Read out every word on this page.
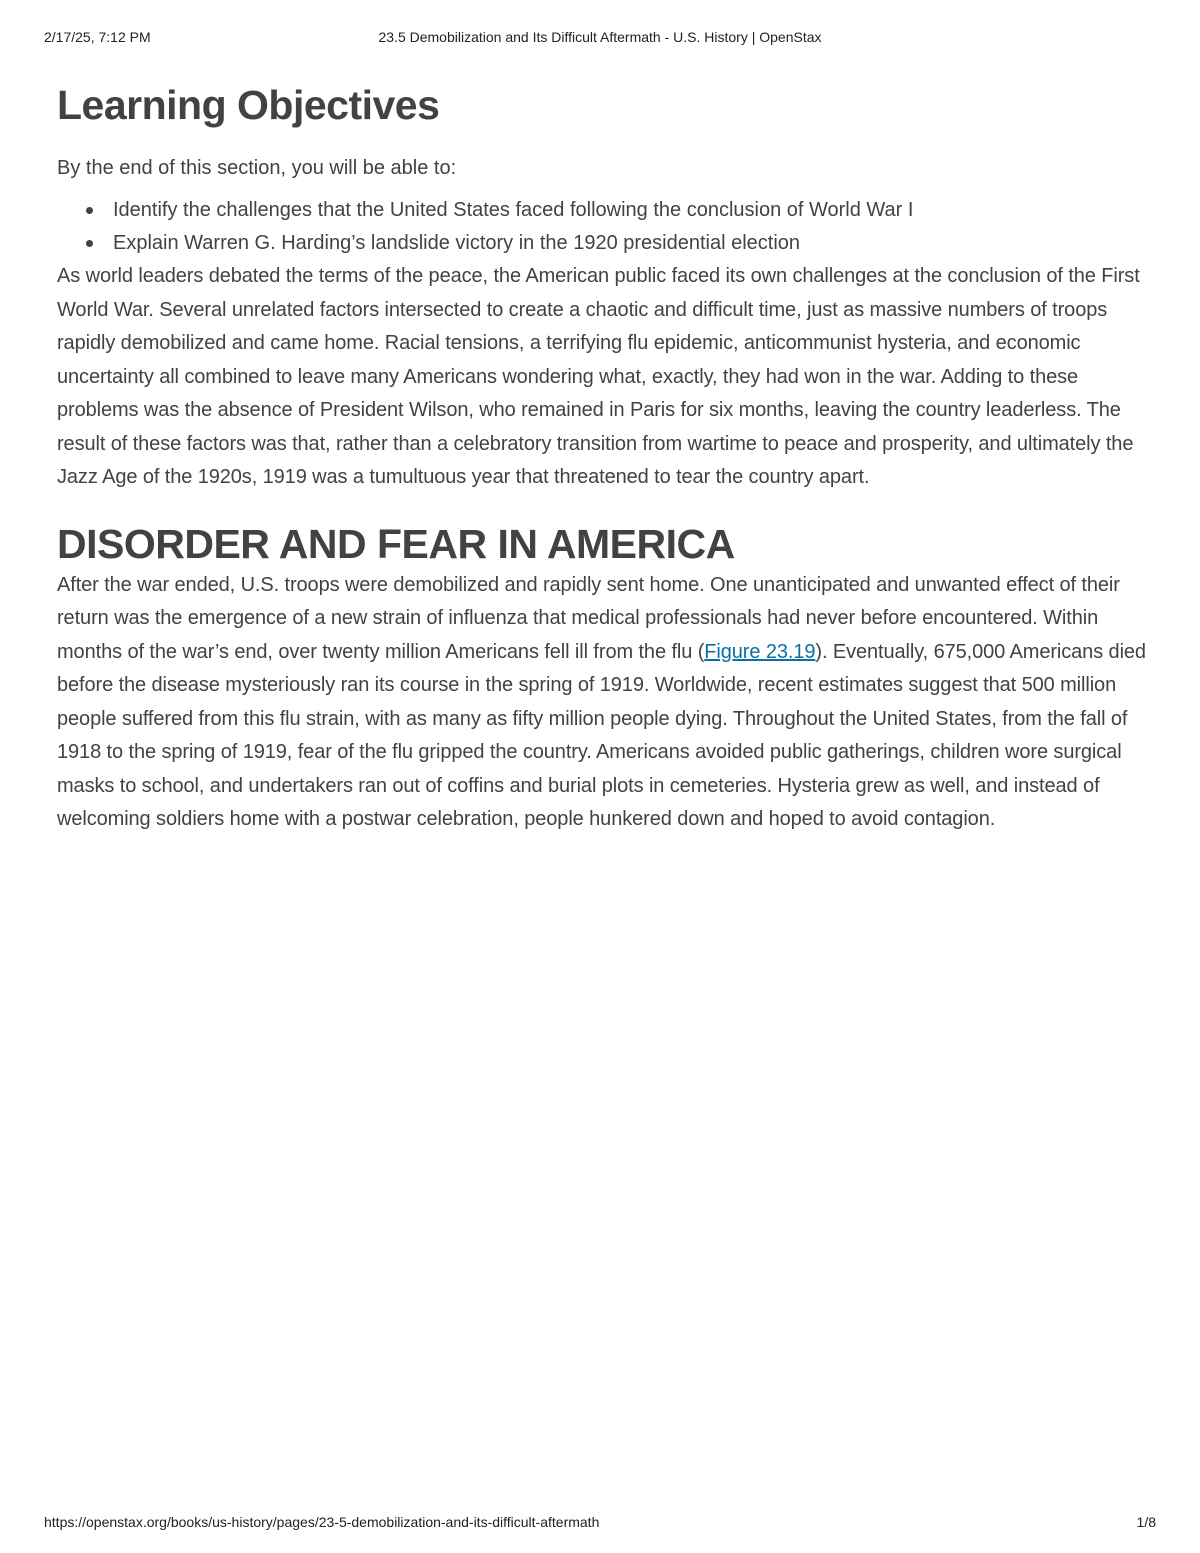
2/17/25, 7:12 PM	23.5 Demobilization and Its Difficult Aftermath - U.S. History | OpenStax
Learning Objectives

By the end of this section, you will be able to:

Identify the challenges that the United States faced following the conclusion of World War I
Explain Warren G. Harding’s landslide victory in the 1920 presidential election

As world leaders debated the terms of the peace, the American public faced its own challenges at the conclusion of the First World War. Several unrelated factors intersected to create a chaotic and difficult time, just as massive numbers of troops rapidly demobilized and came home. Racial tensions, a terrifying flu epidemic, anticommunist hysteria, and economic uncertainty all combined to leave many Americans wondering what, exactly, they had won in the war. Adding to these problems was the absence of President Wilson, who remained in Paris for six months, leaving the country leaderless. The result of these factors was that, rather than a celebratory transition from wartime to peace and prosperity, and ultimately the Jazz Age of the 1920s, 1919 was a tumultuous year that threatened to tear the country apart.

DISORDER AND FEAR IN AMERICA

After the war ended, U.S. troops were demobilized and rapidly sent home. One unanticipated and unwanted effect of their return was the emergence of a new strain of influenza that medical professionals had never before encountered. Within months of the war’s end, over twenty million Americans fell ill from the flu (Figure 23.19). Eventually, 675,000 Americans died before the disease mysteriously ran its course in the spring of 1919. Worldwide, recent estimates suggest that 500 million people suffered from this flu strain, with as many as fifty million people dying. Throughout the United States, from the fall of 1918 to the spring of 1919, fear of the flu gripped the country. Americans avoided public gatherings, children wore surgical masks to school, and undertakers ran out of coffins and burial plots in cemeteries. Hysteria grew as well, and instead of welcoming soldiers home with a postwar celebration, people hunkered down and hoped to avoid contagion.

https://openstax.org/books/us-history/pages/23-5-demobilization-and-its-difficult-aftermath	1/8
